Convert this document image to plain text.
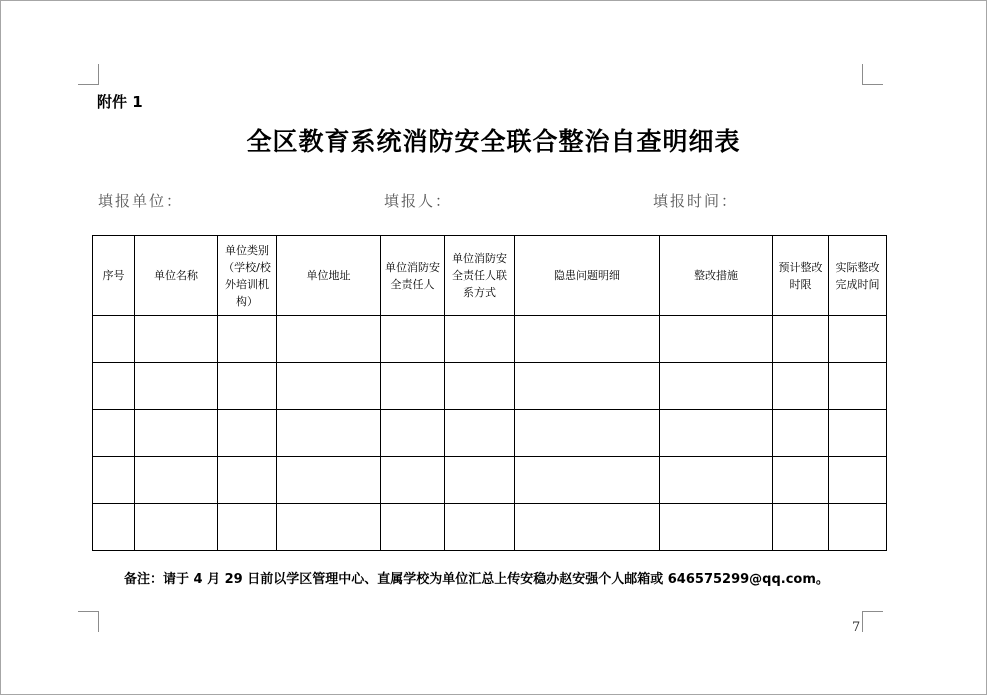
附件 1
全区教育系统消防安全联合整治自查明细表
填报单位：	填报人：	填报时间：
序号	单位名称	单位类别（学校/校外培训机构）	单位地址	单位消防安全责任人	单位消防安全责任人联系方式	隐患问题明细	整改措施	预计整改时限	实际整改完成时间

备注：请于 4 月 29 日前以学区管理中心、直属学校为单位汇总上传安稳办赵安强个人邮箱或 646575299@qq.com。
7
